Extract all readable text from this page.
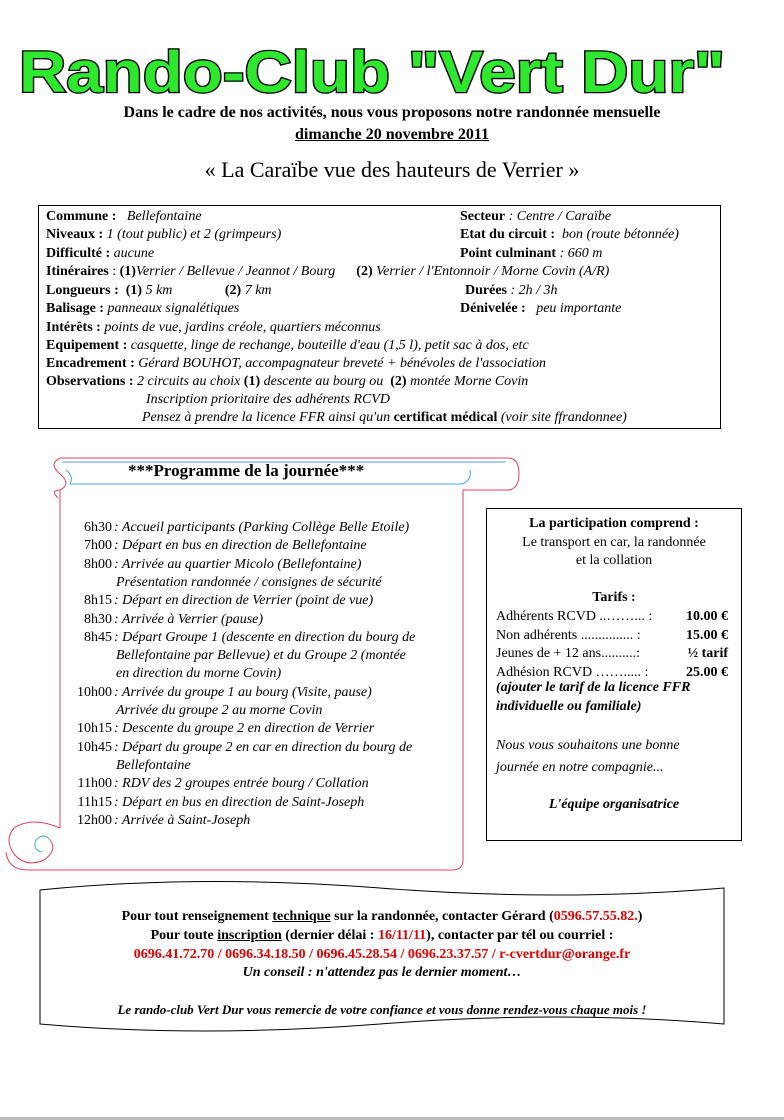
Rando-Club "Vert Dur"
Dans le cadre de nos activités, nous vous proposons notre randonnée mensuelle
dimanche 20 novembre 2011
« La Caraïbe vue des hauteurs de Verrier »
Commune : Bellefontaine	Secteur : Centre / Caraïbe
Niveaux : 1 (tout public) et 2 (grimpeurs)	Etat du circuit : bon (route bétonnée)
Difficulté : aucune	Point culminant : 660 m
Itinéraires : (1)Verrier / Bellevue / Jeannot / Bourg (2) Verrier / l'Entonnoir / Morne Covin (A/R)
Longueurs : (1) 5 km	(2) 7 km	Durées : 2h / 3h
Balisage : panneaux signalétiques	Dénivelée : peu importante
Intérêts : points de vue, jardins créole, quartiers méconnus
Equipement : casquette, linge de rechange, bouteille d'eau (1,5 l), petit sac à dos, etc
Encadrement : Gérard BOUHOT, accompagnateur breveté + bénévoles de l'association
Observations : 2 circuits au choix (1) descente au bourg ou (2) montée Morne Covin
Inscription prioritaire des adhérents RCVD
Pensez à prendre la licence FFR ainsi qu'un certificat médical (voir site ffrandonnee)
***Programme de la journée***
6h30 : Accueil participants (Parking Collège Belle Etoile)
7h00 : Départ en bus en direction de Bellefontaine
8h00 : Arrivée au quartier Micolo (Bellefontaine)
Présentation randonnée / consignes de sécurité
8h15 : Départ en direction de Verrier (point de vue)
8h30 : Arrivée à Verrier (pause)
8h45 : Départ Groupe 1 (descente en direction du bourg de
Bellefontaine par Bellevue) et du Groupe 2 (montée
en direction du morne Covin)
10h00 : Arrivée du groupe 1 au bourg (Visite, pause)
Arrivée du groupe 2 au morne Covin
10h15 : Descente du groupe 2 en direction de Verrier
10h45 : Départ du groupe 2 en car en direction du bourg de
Bellefontaine
11h00 : RDV des 2 groupes entrée bourg / Collation
11h15 : Départ en bus en direction de Saint-Joseph
12h00 : Arrivée à Saint-Joseph
La participation comprend :
Le transport en car, la randonnée
et la collation
Tarifs :
Adhérents RCVD ..……... : 10.00 €
Non adhérents ............... :	15.00 €
Jeunes de + 12 ans..........:	½ tarif
Adhésion RCVD ……..... :	25.00 €
(ajouter le tarif de la licence FFR
individuelle ou familiale)
Nous vous souhaitons une bonne
journée en notre compagnie...
L'équipe organisatrice
Pour tout renseignement technique sur la randonnée, contacter Gérard (0596.57.55.82.)
Pour toute inscription (dernier délai : 16/11/11), contacter par tél ou courriel :
0696.41.72.70 / 0696.34.18.50 / 0696.45.28.54 / 0696.23.37.57 / r-cvertdur@orange.fr
Un conseil : n'attendez pas le dernier moment…
Le rando-club Vert Dur vous remercie de votre confiance et vous donne rendez-vous chaque mois !
